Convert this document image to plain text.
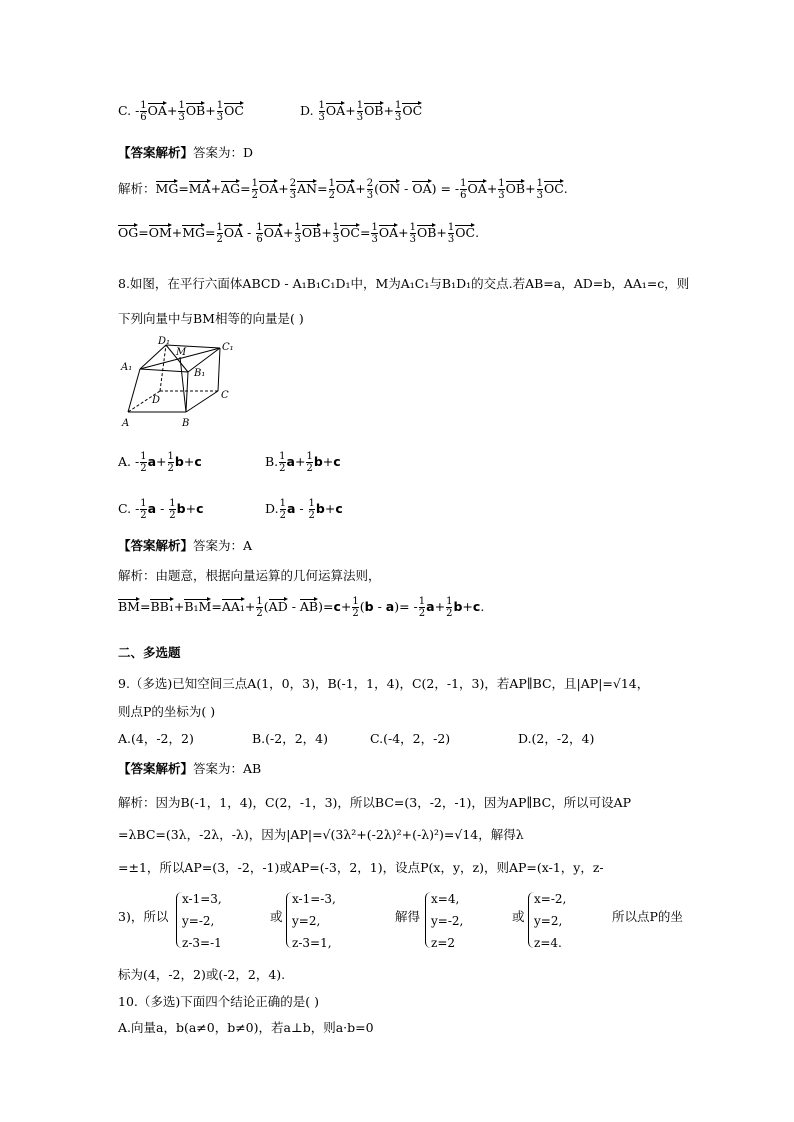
C. - $\frac{1}{6} OA+ \frac{1}{3} OB+ \frac{1}{3}$ OC	D. $\frac{1}{3} OA+ \frac{1}{3} OB+ \frac{1}{3}$ OC
【答案解析】答案为：D
解析：$MG=MA+AG= \frac{1}{2} OA+ \frac{2}{3} AN= \frac{1}{2} OA+ \frac{2}{3} (ON - OA)$ = - $\frac{1}{6} OA+ \frac{1}{3} OB+ \frac{1}{3}$ OC.
$OG=OM+MG= \frac{1}{2}$ OA - $\frac{1}{6} OA+ \frac{1}{3} OB+ \frac{1}{3} OC= \frac{1}{3} OA+ \frac{1}{3} OB+ \frac{1}{3}$ OC.
8.如图，在平行六面体ABCD - A₁B₁C₁D₁中，M为A₁C₁与B₁D₁的交点.若AB=a，AD=b，AA₁=c，则
下列向量中与BM相等的向量是( )
D₁
M	C₁
A₁
B₁
D	C
A	B
A. - $\frac{1}{2} a+ \frac{1}{2} b+c$	B. $\frac{1}{2} a+ \frac{1}{2} b+c$
C. - $\frac{1}{2}$ $a - \frac{1}{2} b+c$	D. $\frac{1}{2}$ $a - \frac{1}{2} b+c$
【答案解析】答案为：A
解析：由题意，根据向量运算的几何运算法则，
$BM=BB_1+B_1M=AA_1+ \frac{1}{2} (AD - AB)=c+ \frac{1}{2} (b - a)= - \frac{1}{2} a+ \frac{1}{2} b+c$.
二、多选题
9.（多选)已知空间三点A(1，0，3)，B(-1，1，4)，C(2，-1，3)，若AP∥BC，且|AP|=√14，
则点P的坐标为( )
A.(4，-2，2)	B.(-2，2，4)	C.(-4，2，-2)	D.(2，-2，4)
【答案解析】答案为：AB
解析：因为B(-1，1，4)，C(2，-1，3)，所以BC=(3，-2，-1)，因为AP∥BC，所以可设AP
=λBC=(3λ，-2λ，-λ)，因为|AP|=√(3λ²+(-2λ)²+(-λ)²)=√14，解得λ
=±1，所以AP=(3，-2，-1)或AP=(-3，2，1)，设点P(x，y，z)，则AP=(x-1，y，z-
3)，所以
x-1=3,
y=-2,
z-3=-1
或
x-1=-3,
y=2,
z-3=1,
解得
x=4,
y=-2,
z=2
或
x=-2,
y=2,
z=4.
所以点P的坐
标为(4，-2，2)或(-2，2，4).
10.（多选)下面四个结论正确的是( )
A.向量a，b(a≠0，b≠0)，若a⊥b，则a·b=0
